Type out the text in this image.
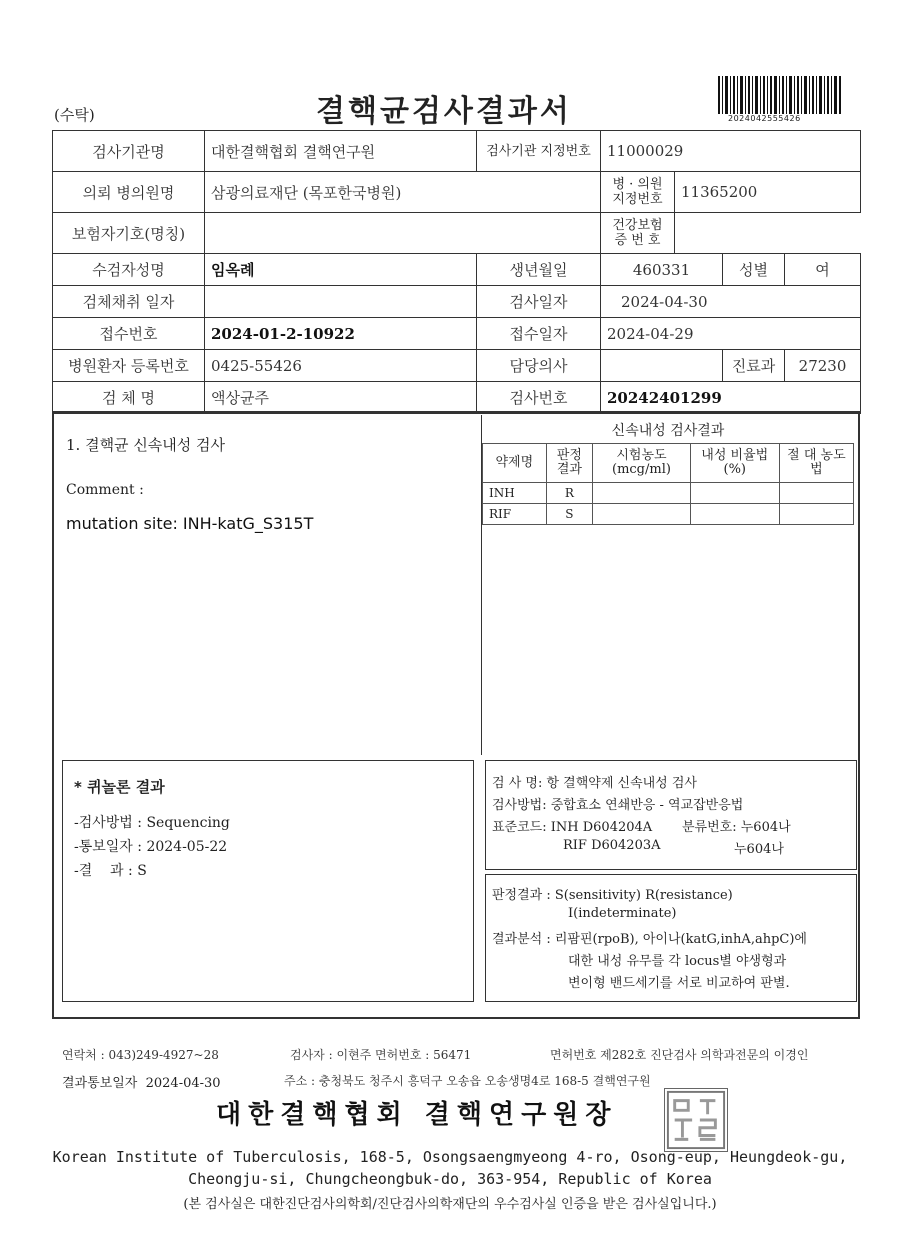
(수탁)	결핵균검사결과서	2024042555426
검사기관명	대한결핵협회 결핵연구원	검사기관 지정번호	11000029			
의뢰 병의원명	삼광의료재단 (목포한국병원)		병 · 의원 지정번호	11365200		
보험자기호(명칭)			건강보험 증 번 호			
수검자성명	임옥례	생년월일	460331		성별	여
검체채취 일자		검사일자	2024-04-30			
접수번호	2024-01-2-10922	접수일자	2024-04-29			
병원환자 등록번호	0425-55426	담당의사			진료과	27230
검 체 명	액상균주	검사번호	20242401299			
1. 결핵균 신속내성 검사
Comment :
mutation site: INH-katG_S315T
* 퀴놀론 결과
-검사방법 : Sequencing
-통보일자 : 2024-05-22
-결    과 : S
신속내성 검사결과
약제명	판정 결과	시험농도 (mcg/ml)	내성 비율법(%)	절 대 농도법
INH	R			
RIF	S			
검 사 명: 항 결핵약제 신속내성 검사
검사방법: 중합효소 연쇄반응 - 역교잡반응법
표준코드: INH D604204A 분류번호: 누604나
RIF D604203A	누604나
판정결과 : S(sensitivity) R(resistance)
I(indeterminate)
결과분석 : 리팜핀(rpoB), 아이나(katG,inhA,ahpC)에
대한 내성 유무를 각 locus별 야생형과
변이형 밴드세기를 서로 비교하여 판별.
연락처 : 043)249-4927~28	검사자 : 이현주 면허번호 : 56471	면허번호 제282호 진단검사 의학과전문의 이경인
결과통보일자  2024-04-30	주소 : 충청북도 청주시 흥덕구 오송읍 오송생명4로 168-5 결핵연구원
대한결핵협회 결핵연구원장
Korean Institute of Tuberculosis, 168-5, Osongsaengmyeong 4-ro, Osong-eup, Heungdeok-gu,
Cheongju-si, Chungcheongbuk-do, 363-954, Republic of Korea
(본 검사실은 대한진단검사의학회/진단검사의학재단의 우수검사실 인증을 받은 검사실입니다.)
